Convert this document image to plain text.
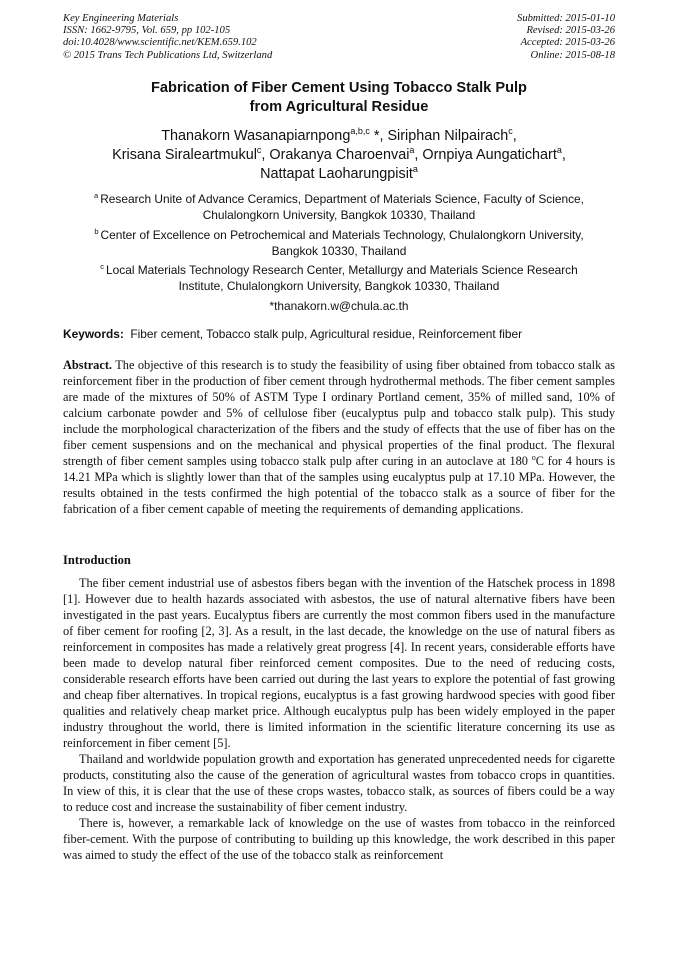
Key Engineering Materials
ISSN: 1662-9795, Vol. 659, pp 102-105
doi:10.4028/www.scientific.net/KEM.659.102
© 2015 Trans Tech Publications Ltd, Switzerland
Submitted: 2015-01-10
Revised: 2015-03-26
Accepted: 2015-03-26
Online: 2015-08-18
Fabrication of Fiber Cement Using Tobacco Stalk Pulp
from Agricultural Residue
Thanakorn Wasanapiarnpong$^{a,b,c}$ *, Siriphan Nilpairach$^c$,
Krisana Siraleartmukul$^c$, Orakanya Charoenvai$^a$, Ornpiya Aungatichart$^a$,
Nattapat Laoharungpisit$^a$
$^a$ Research Unite of Advance Ceramics, Department of Materials Science, Faculty of Science,
Chulalongkorn University, Bangkok 10330, Thailand
$^b$ Center of Excellence on Petrochemical and Materials Technology, Chulalongkorn University,
Bangkok 10330, Thailand
$^c$ Local Materials Technology Research Center, Metallurgy and Materials Science Research
Institute, Chulalongkorn University, Bangkok 10330, Thailand
*thanakorn.w@chula.ac.th
Keywords: Fiber cement, Tobacco stalk pulp, Agricultural residue, Reinforcement fiber
Abstract. The objective of this research is to study the feasibility of using fiber obtained from tobacco stalk as reinforcement fiber in the production of fiber cement through hydrothermal methods. The fiber cement samples are made of the mixtures of 50% of ASTM Type I ordinary Portland cement, 35% of milled sand, 10% of calcium carbonate powder and 5% of cellulose fiber (eucalyptus pulp and tobacco stalk pulp). This study include the morphological characterization of the fibers and the study of effects that the use of fiber has on the fiber cement suspensions and on the mechanical and physical properties of the final product. The flexural strength of fiber cement samples using tobacco stalk pulp after curing in an autoclave at 180 $^o$C for 4 hours is 14.21 MPa which is slightly lower than that of the samples using eucalyptus pulp at 17.10 MPa. However, the results obtained in the tests confirmed the high potential of the tobacco stalk as a source of fiber for the fabrication of a fiber cement capable of meeting the requirements of demanding applications.
Introduction

The fiber cement industrial use of asbestos fibers began with the invention of the Hatschek process in 1898 [1]. However due to health hazards associated with asbestos, the use of natural alternative fibers have been investigated in the past years. Eucalyptus fibers are currently the most common fibers used in the manufacture of fiber cement for roofing [2, 3]. As a result, in the last decade, the knowledge on the use of natural fibers as reinforcement in composites has made a relatively great progress [4]. In recent years, considerable efforts have been made to develop natural fiber reinforced cement composites. Due to the need of reducing costs, considerable research efforts have been carried out during the last years to explore the potential of fast growing and cheap fiber alternatives. In tropical regions, eucalyptus is a fast growing hardwood species with good fiber qualities and relatively cheap market price. Although eucalyptus pulp has been widely employed in the paper industry throughout the world, there is limited information in the scientific literature concerning its use as reinforcement in fiber cement [5].

Thailand and worldwide population growth and exportation has generated unprecedented needs for cigarette products, constituting also the cause of the generation of agricultural wastes from tobacco crops in quantities. In view of this, it is clear that the use of these crops wastes, tobacco stalk, as sources of fibers could be a way to reduce cost and increase the sustainability of fiber cement industry.

There is, however, a remarkable lack of knowledge on the use of wastes from tobacco in the reinforced fiber-cement. With the purpose of contributing to building up this knowledge, the work described in this paper was aimed to study the effect of the use of the tobacco stalk as reinforcement
